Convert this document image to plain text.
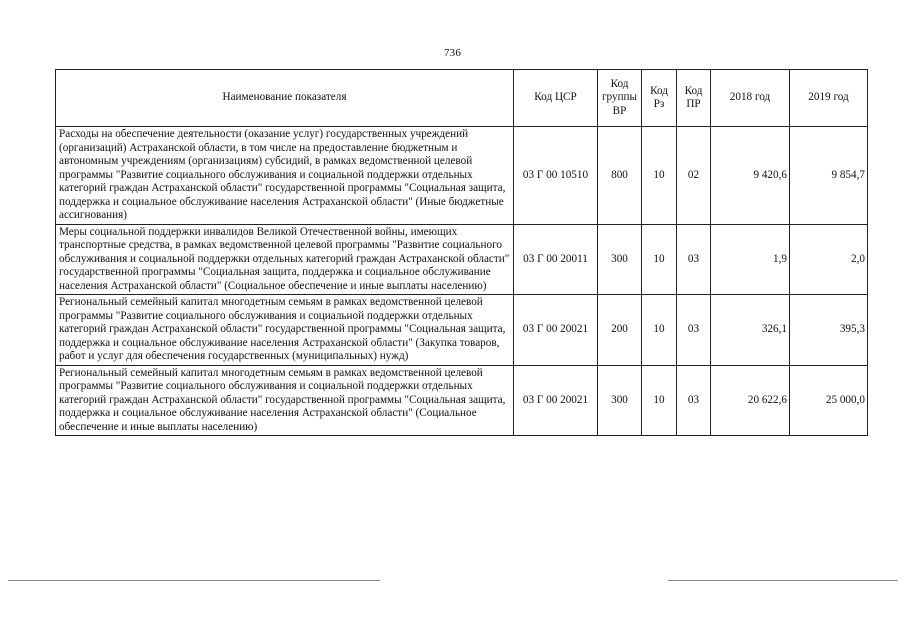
736
Наименование показателя	Код ЦСР	Код группы ВР	Код Рз	Код ПР	2018 год	2019 год
Расходы на обеспечение деятельности (оказание услуг) государственных учреждений (организаций) Астраханской области, в том числе на предоставление бюджетным и автономным учреждениям (организациям) субсидий, в рамках ведомственной целевой программы "Развитие социального обслуживания и социальной поддержки отдельных категорий граждан Астраханской области" государственной программы "Социальная защита, поддержка и социальное обслуживание населения Астраханской области" (Иные бюджетные ассигнования)	03 Г 00 10510	800	10	02	9 420,6	9 854,7
Меры социальной поддержки инвалидов Великой Отечественной войны, имеющих транспортные средства, в рамках ведомственной целевой программы "Развитие социального обслуживания и социальной поддержки отдельных категорий граждан Астраханской области" государственной программы "Социальная защита, поддержка и социальное обслуживание населения Астраханской области" (Социальное обеспечение и иные выплаты населению)	03 Г 00 20011	300	10	03	1,9	2,0
Региональный семейный капитал многодетным семьям в рамках ведомственной целевой программы "Развитие социального обслуживания и социальной поддержки отдельных категорий граждан Астраханской области" государственной программы "Социальная защита, поддержка и социальное обслуживание населения Астраханской области" (Закупка товаров, работ и услуг для обеспечения государственных (муниципальных) нужд)	03 Г 00 20021	200	10	03	326,1	395,3
Региональный семейный капитал многодетным семьям в рамках ведомственной целевой программы "Развитие социального обслуживания и социальной поддержки отдельных категорий граждан Астраханской области" государственной программы "Социальная защита, поддержка и социальное обслуживание населения Астраханской области" (Социальное обеспечение и иные выплаты населению)	03 Г 00 20021	300	10	03	20 622,6	25 000,0
